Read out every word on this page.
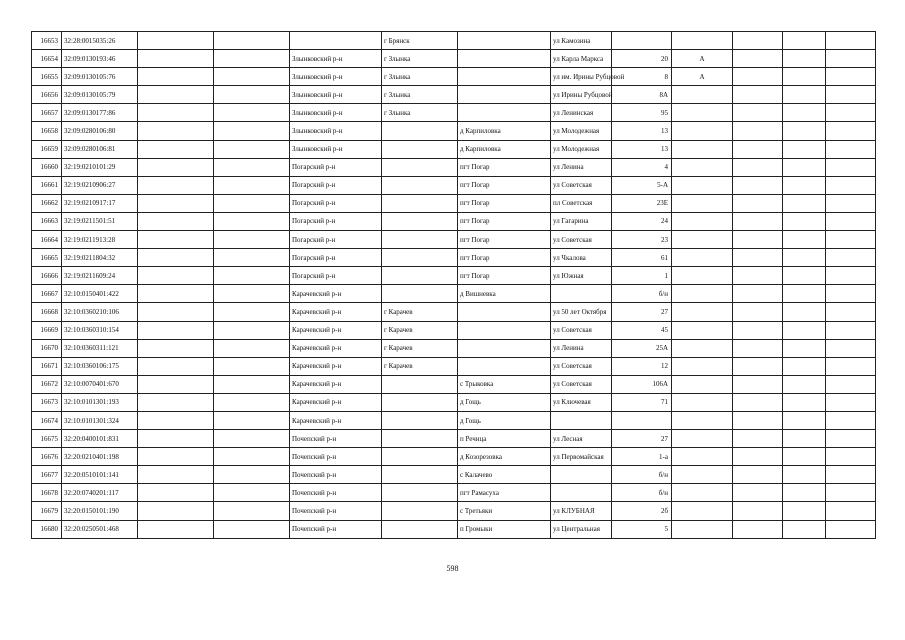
16653	32:28:0015035:26				г Брянск		ул Камозина					
16654	32:09:0130193:46			Злынковский р-н	г Злынка		ул Карла Маркса	20	А			
16655	32:09:0130105:76			Злынковский р-н	г Злынка		ул им. Ирины Рубцовой	8	А			
16656	32:09:0130105:79			Злынковский р-н	г Злынка		ул Ирины Рубцовой	8А				
16657	32:09:0130177:86			Злынковский р-н	г Злынка		ул Ленинская	95				
16658	32:09:0280106:80			Злынковский р-н		д Карпиловка	ул Молодежная	13				
16659	32:09:0280106:81			Злынковский р-н		д Карпиловка	ул Молодежная	13				
16660	32:19:0210101:29			Погарский р-н		пгт Погар	ул Ленина	4				
16661	32:19:0210906:27			Погарский р-н		пгт Погар	ул Советская	5-А				
16662	32:19:0210917:17			Погарский р-н		пгт Погар	пл Советская	23Е				
16663	32:19:0211501:51			Погарский р-н		пгт Погар	ул Гагарина	24				
16664	32:19:0211913:28			Погарский р-н		пгт Погар	ул Советская	23				
16665	32:19:0211804:32			Погарский р-н		пгт Погар	ул Чкалова	61				
16666	32:19:0211609:24			Погарский р-н		пгт Погар	ул Южная	1				
16667	32:10:0150401:422			Карачевский р-н		д Вишневка		б/н				
16668	32:10:0360210:106			Карачевский р-н	г Карачев		ул 50 лет Октября	27				
16669	32:10:0360310:154			Карачевский р-н	г Карачев		ул Советская	45				
16670	32:10:0360311:121			Карачевский р-н	г Карачев		ул Ленина	25А				
16671	32:10:0360106:175			Карачевский р-н	г Карачев		ул Советская	12				
16672	32:10:0070401:670			Карачевский р-н		с Трыковка	ул Советская	106А				
16673	32:10:0101301:193			Карачевский р-н		д Гощь	ул Ключевая	71				
16674	32:10:0101301:324			Карачевский р-н		д Гощь						
16675	32:20:0400101:831			Почепский р-н		п Речица	ул Лесная	27				
16676	32:20:0210401:198			Почепский р-н		д Козорезовка	ул Первомайская	1-а				
16677	32:20:0510101:141			Почепский р-н		с Калачево		б/н				
16678	32:20:0740201:117			Почепский р-н		пгт Рамасуха		б/н				
16679	32:20:0150101:190			Почепский р-н		с Третьяки	ул КЛУБНАЯ	2б				
16680	32:20:0250501:468			Почепский р-н		п Громыки	ул Центральная	5				
598
